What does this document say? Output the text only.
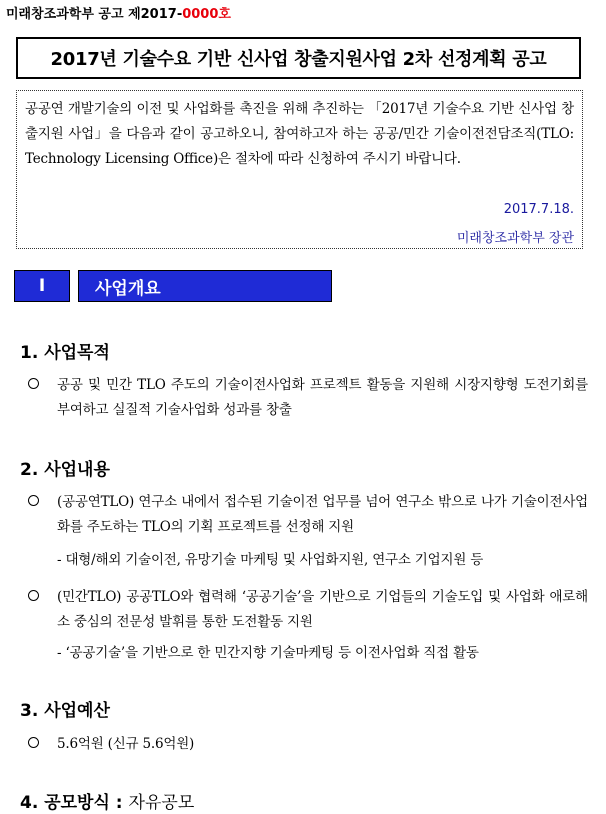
미래창조과학부 공고 제2017-0000호
2017년 기술수요 기반 신사업 창출지원사업 2차 선정계획 공고
공공연 개발기술의 이전 및 사업화를 촉진을 위해 추진하는 「2017년 기술수요 기반 신사업 창출지원 사업」을 다음과 같이 공고하오니, 참여하고자 하는 공공/민간 기술이전전담조직(TLO: Technology Licensing Office)은 절차에 따라 신청하여 주시기 바랍니다.
2017.7.18.
미래창조과학부 장관
Ⅰ	사업개요
1. 사업목적
공공 및 민간 TLO 주도의 기술이전사업화 프로젝트 활동을 지원해 시장지향형 도전기회를 부여하고 실질적 기술사업화 성과를 창출
2. 사업내용
(공공연TLO) 연구소 내에서 접수된 기술이전 업무를 넘어 연구소 밖으로 나가 기술이전사업화를 주도하는 TLO의 기획 프로젝트를 선정해 지원
- 대형/해외 기술이전, 유망기술 마케팅 및 사업화지원, 연구소 기업지원 등
(민간TLO) 공공TLO와 협력해 ‘공공기술’을 기반으로 기업들의 기술도입 및 사업화 애로해소 중심의 전문성 발휘를 통한 도전활동 지원
- ‘공공기술’을 기반으로 한 민간지향 기술마케팅 등 이전사업화 직접 활동
3. 사업예산
5.6억원 (신규 5.6억원)
4. 공모방식 : 자유공모
